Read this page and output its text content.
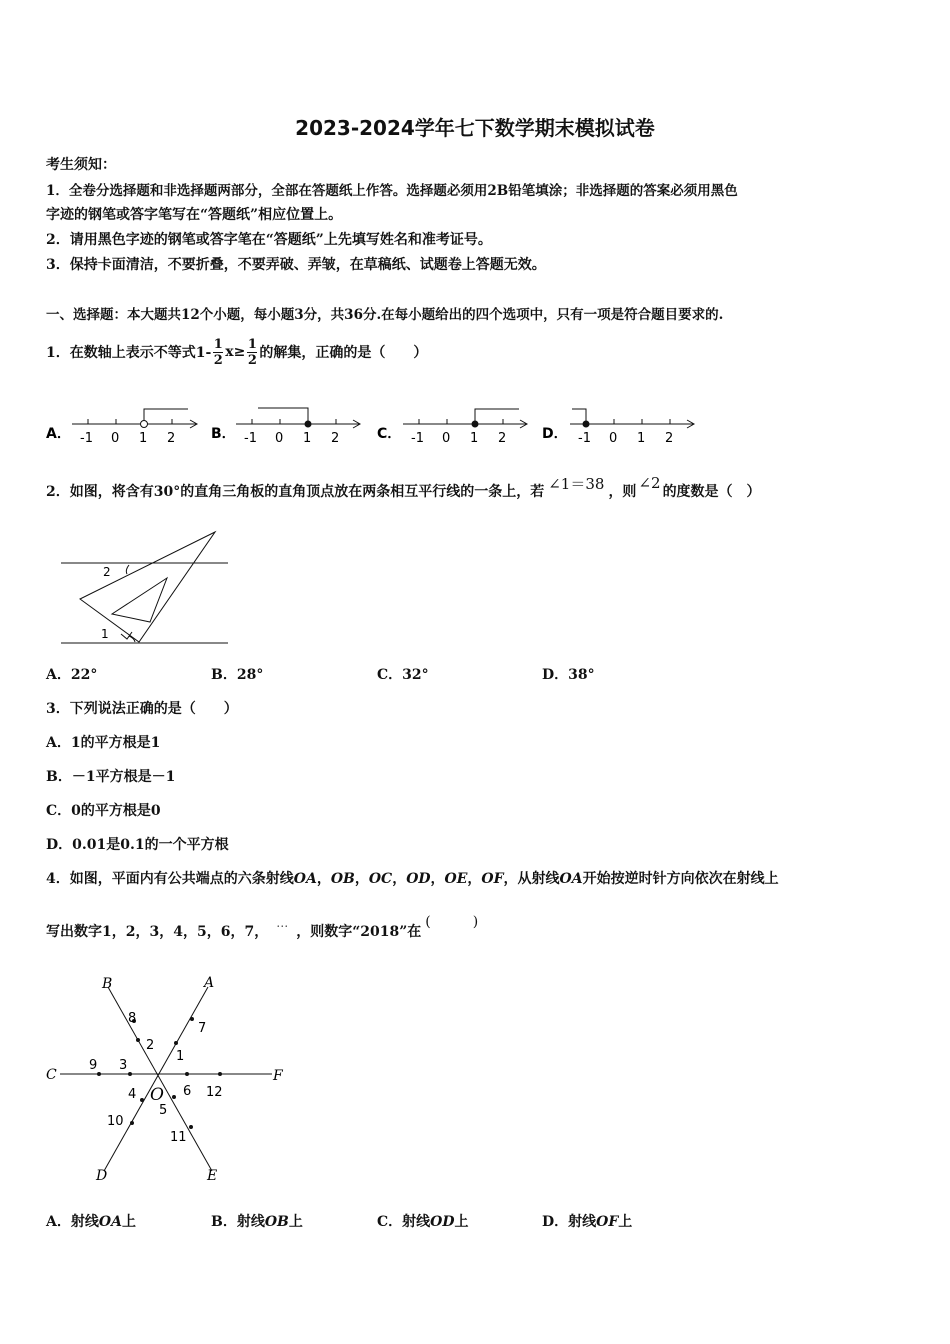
2023-2024学年七下数学期末模拟试卷
考生须知：
1．全卷分选择题和非选择题两部分，全部在答题纸上作答。选择题必须用2B铅笔填涂；非选择题的答案必须用黑色
字迹的钢笔或答字笔写在“答题纸”相应位置上。
2．请用黑色字迹的钢笔或答字笔在“答题纸”上先填写姓名和准考证号。
3．保持卡面清洁，不要折叠，不要弄破、弄皱，在草稿纸、试题卷上答题无效。
一、选择题：本大题共12个小题，每小题3分，共36分.在每小题给出的四个选项中，只有一项是符合题目要求的.
1．在数轴上表示不等式$1- \frac{1}{2} x\ge \frac{1}{2}$ 的解集，正确的是（　　）
A． -1 0 1 2	B． -1 0 1 2	C． -1 0 1 2	D． -1 0 1 2
2．如图，将含有30°的直角三角板的直角顶点放在两条相互平行线的一条上，若 ∠1＝38 ，则 ∠2 的度数是（　）
1
2
A．22°	B．28°	C．32°	D．38°
3．下列说法正确的是（　　）
A．1的平方根是1
B．－1平方根是－1
C．0的平方根是0
D．0.01是0.1的一个平方根
4．如图，平面内有公共端点的六条射线OA，OB，OC，OD，OE，OF，从射线OA开始按逆时针方向依次在射线上
写出数字1，2，3，4，5，6，7，
…
，则数字“2018”在
(　　　)
B	A
C	F
D	E
O
1
2
3
4
5
6
7
8
9
10
11
12
A．射线OA上	B．射线OB上	C．射线OD上	D．射线OF上
